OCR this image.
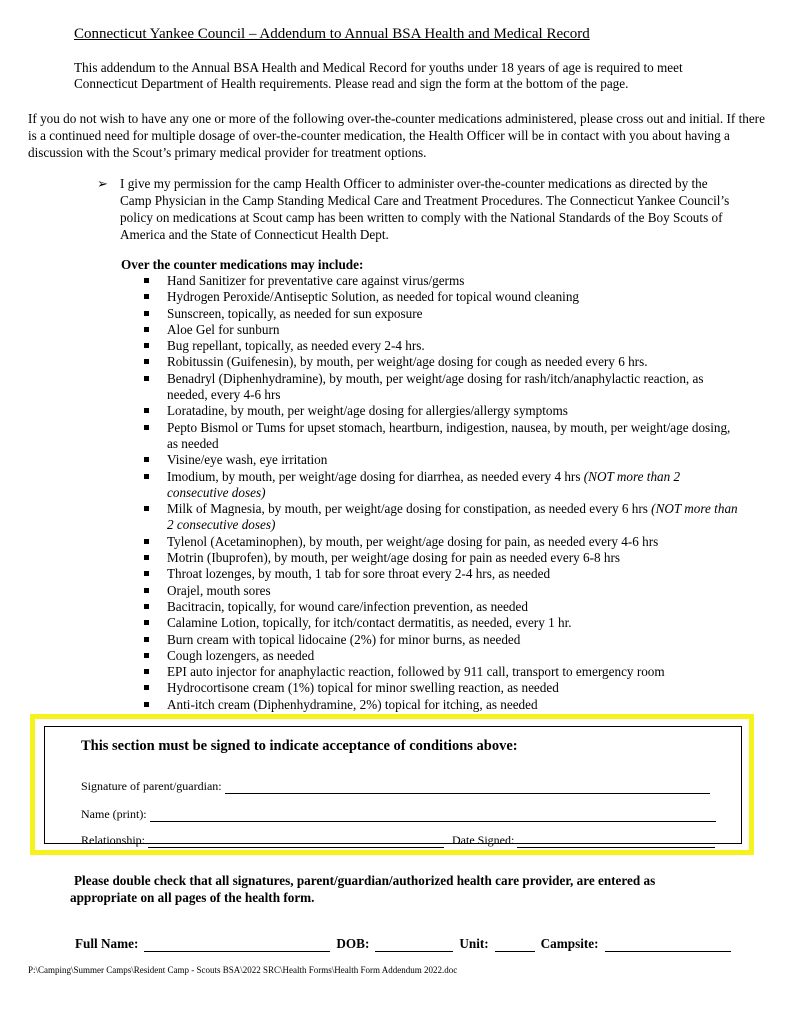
Connecticut Yankee Council – Addendum to Annual BSA Health and Medical Record
This addendum to the Annual BSA Health and Medical Record for youths under 18 years of age is required to meet Connecticut Department of Health requirements. Please read and sign the form at the bottom of the page.
If you do not wish to have any one or more of the following over-the-counter medications administered, please cross out and initial. If there is a continued need for multiple dosage of over-the-counter medication, the Health Officer will be in contact with you about having a discussion with the Scout’s primary medical provider for treatment options.
➢ I give my permission for the camp Health Officer to administer over-the-counter medications as directed by the Camp Physician in the Camp Standing Medical Care and Treatment Procedures. The Connecticut Yankee Council’s policy on medications at Scout camp has been written to comply with the National Standards of the Boy Scouts of America and the State of Connecticut Health Dept.
Over the counter medications may include:
Hand Sanitizer for preventative care against virus/germs
Hydrogen Peroxide/Antiseptic Solution, as needed for topical wound cleaning
Sunscreen, topically, as needed for sun exposure
Aloe Gel for sunburn
Bug repellant, topically, as needed every 2-4 hrs.
Robitussin (Guifenesin), by mouth, per weight/age dosing for cough as needed every 6 hrs.
Benadryl (Diphenhydramine), by mouth, per weight/age dosing for rash/itch/anaphylactic reaction, as needed, every 4-6 hrs
Loratadine, by mouth, per weight/age dosing for allergies/allergy symptoms
Pepto Bismol or Tums for upset stomach, heartburn, indigestion, nausea, by mouth, per weight/age dosing, as needed
Visine/eye wash, eye irritation
Imodium, by mouth, per weight/age dosing for diarrhea, as needed every 4 hrs (NOT more than 2 consecutive doses)
Milk of Magnesia, by mouth, per weight/age dosing for constipation, as needed every 6 hrs (NOT more than 2 consecutive doses)
Tylenol (Acetaminophen), by mouth, per weight/age dosing for pain, as needed every 4-6 hrs
Motrin (Ibuprofen), by mouth, per weight/age dosing for pain as needed every 6-8 hrs
Throat lozenges, by mouth, 1 tab for sore throat every 2-4 hrs, as needed
Orajel, mouth sores
Bacitracin, topically, for wound care/infection prevention, as needed
Calamine Lotion, topically, for itch/contact dermatitis, as needed, every 1 hr.
Burn cream with topical lidocaine (2%) for minor burns, as needed
Cough lozengers, as needed
EPI auto injector for anaphylactic reaction, followed by 911 call, transport to emergency room
Hydrocortisone cream (1%) topical for minor swelling reaction, as needed
Anti-itch cream (Diphenhydramine, 2%) topical for itching, as needed
This section must be signed to indicate acceptance of conditions above:
Signature of parent/guardian:
Name (print):
Relationship:	Date Signed:
Please double check that all signatures, parent/guardian/authorized health care provider, are entered as
appropriate on all pages of the health form.
Full Name:	DOB:	Unit:	Campsite:
P:\Camping\Summer Camps\Resident Camp - Scouts BSA\2022 SRC\Health Forms\Health Form Addendum 2022.doc
